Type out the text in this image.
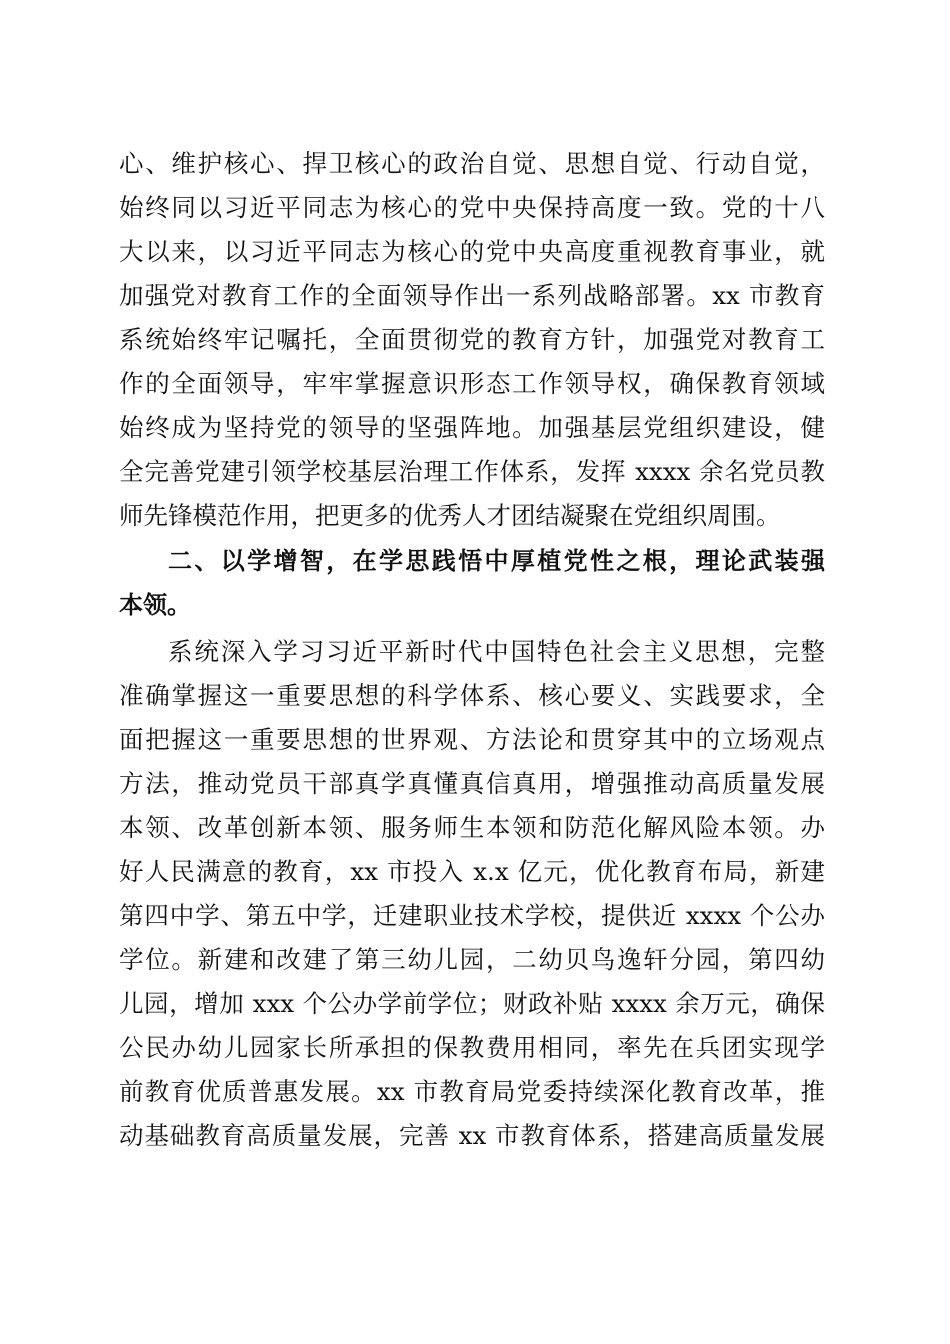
心、维护核心、捍卫核心的政治自觉、思想自觉、行动自觉，
始终同以习近平同志为核心的党中央保持高度一致。党的十八
大以来，以习近平同志为核心的党中央高度重视教育事业，就
加强党对教育工作的全面领导作出一系列战略部署。xx 市教育
系统始终牢记嘱托，全面贯彻党的教育方针，加强党对教育工
作的全面领导，牢牢掌握意识形态工作领导权，确保教育领域
始终成为坚持党的领导的坚强阵地。加强基层党组织建设，健
全完善党建引领学校基层治理工作体系，发挥 xxxx 余名党员教
师先锋模范作用，把更多的优秀人才团结凝聚在党组织周围。
二、以学增智，在学思践悟中厚植党性之根，理论武装强
本领。
系统深入学习习近平新时代中国特色社会主义思想，完整
准确掌握这一重要思想的科学体系、核心要义、实践要求，全
面把握这一重要思想的世界观、方法论和贯穿其中的立场观点
方法，推动党员干部真学真懂真信真用，增强推动高质量发展
本领、改革创新本领、服务师生本领和防范化解风险本领。办
好人民满意的教育，xx 市投入 x.x 亿元，优化教育布局，新建
第四中学、第五中学，迁建职业技术学校，提供近 xxxx 个公办
学位。新建和改建了第三幼儿园，二幼贝鸟逸轩分园，第四幼
儿园，增加 xxx 个公办学前学位；财政补贴 xxxx 余万元，确保
公民办幼儿园家长所承担的保教费用相同，率先在兵团实现学
前教育优质普惠发展。xx 市教育局党委持续深化教育改革，推
动基础教育高质量发展，完善 xx 市教育体系，搭建高质量发展
